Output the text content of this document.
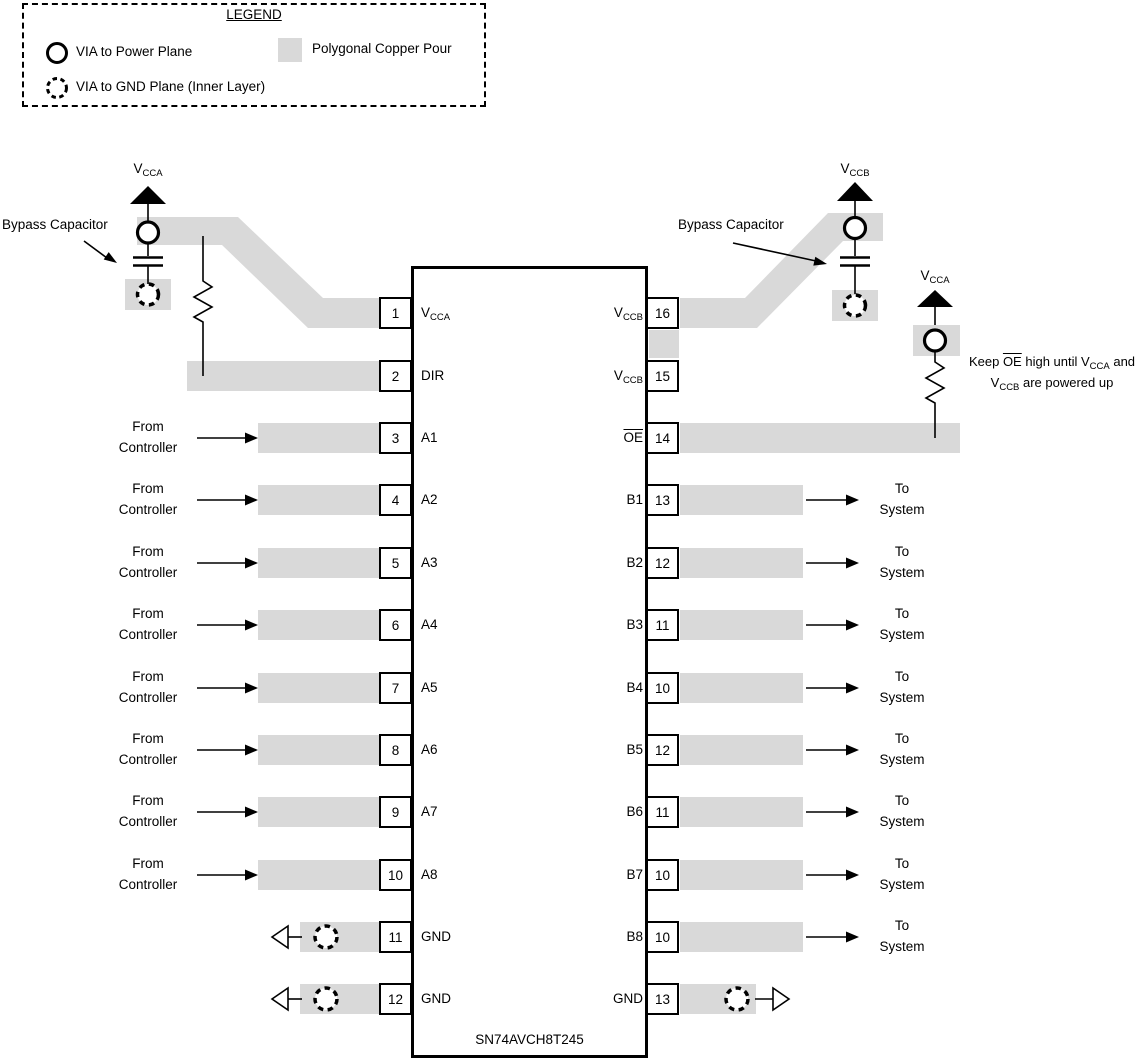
LEGEND
VIA to Power Plane
VIA to GND Plane (Inner Layer)
Polygonal Copper Pour
SN74AVCH8T245
$V_{CCA}$	$V_{CCB}$
$V_{CCA}$
Bypass Capacitor	Bypass Capacitor
Keep $\overline{OE}$ high until $V_{CCA}$ and
$V_{CCB}$ are powered up
From Controller
From Controller
From Controller
From Controller
From Controller
From Controller
From Controller
From Controller
To System
To System
To System
To System
To System
To System
To System
To System
1
2
3
4
5
6
7
8
9
10
11
12
16
15
14
13
12
11
10
12
11
10
10
13
$V_{CCA}$
DIR
A1
A2
A3
A4
A5
A6
A7
A8
GND
GND
$V_{CCB}$
$V_{CCB}$
$\overline{OE}$
B1
B2
B3
B4
B5
B6
B7
B8
GND
